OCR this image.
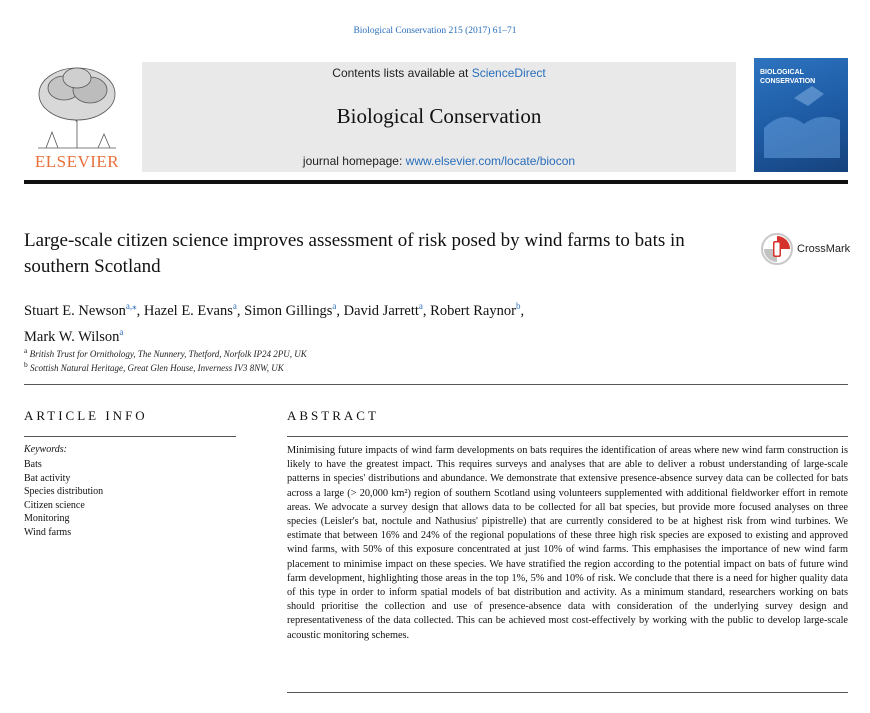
Biological Conservation 215 (2017) 61–71
ELSEVIER
Contents lists available at ScienceDirect
Biological Conservation
journal homepage: www.elsevier.com/locate/biocon
BIOLOGICAL
CONSERVATION
Large-scale citizen science improves assessment of risk posed by wind farms to bats in southern Scotland
CrossMark
Stuart E. Newson$^{a,⁎}$, Hazel E. Evans$^a$, Simon Gillings$^a$, David Jarrett$^a$, Robert Raynor$^b$,
Mark W. Wilson$^a$
$^a$ British Trust for Ornithology, The Nunnery, Thetford, Norfolk IP24 2PU, UK
$^b$ Scottish Natural Heritage, Great Glen House, Inverness IV3 8NW, UK
ARTICLE INFO	ABSTRACT
Keywords:
Bats
Bat activity
Species distribution
Citizen science
Monitoring
Wind farms
Minimising future impacts of wind farm developments on bats requires the identification of areas where new wind farm construction is likely to have the greatest impact. This requires surveys and analyses that are able to deliver a robust understanding of large-scale patterns in species' distributions and abundance. We demonstrate that extensive presence-absence survey data can be collected for bats across a large (> 20,000 km²) region of southern Scotland using volunteers supplemented with additional fieldworker effort in remote areas. We advocate a survey design that allows data to be collected for all bat species, but provide more focused analyses on three species (Leisler's bat, noctule and Nathusius' pipistrelle) that are currently considered to be at highest risk from wind turbines. We estimate that between 16% and 24% of the regional populations of these three high risk species are exposed to existing and approved wind farms, with 50% of this exposure concentrated at just 10% of wind farms. This emphasises the importance of new wind farm placement to minimise impact on these species. We have stratified the region according to the potential impact on bats of future wind farm development, highlighting those areas in the top 1%, 5% and 10% of risk. We conclude that there is a need for higher quality data of this type in order to inform spatial models of bat distribution and activity. As a minimum standard, researchers working on bats should prioritise the collection and use of presence-absence data with consideration of the underlying survey design and representativeness of the data collected. This can be achieved most cost-effectively by working with the public to develop large-scale acoustic monitoring schemes.
